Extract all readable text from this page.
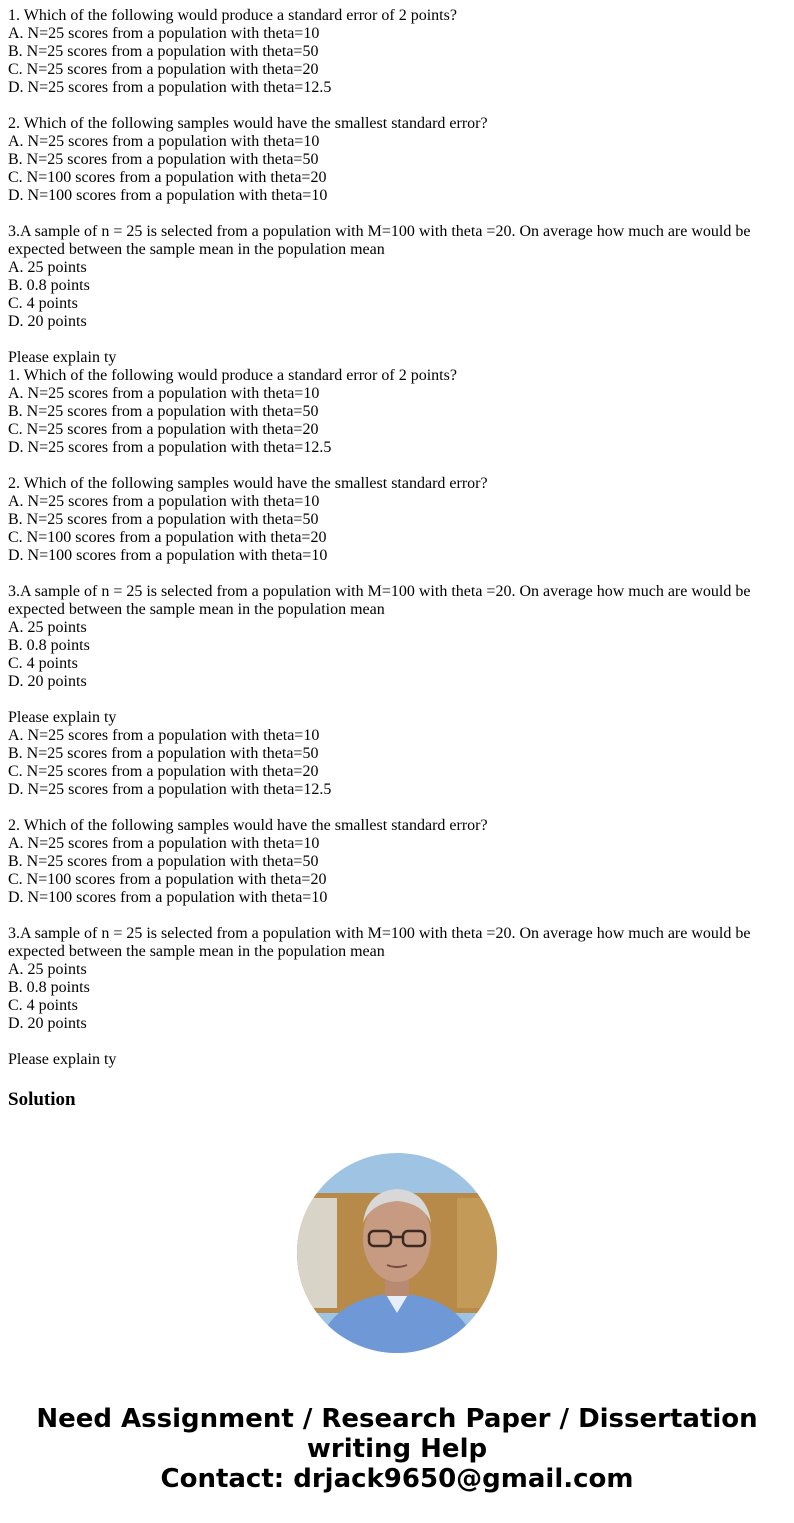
1. Which of the following would produce a standard error of 2 points?
A. N=25 scores from a population with theta=10
B. N=25 scores from a population with theta=50
C. N=25 scores from a population with theta=20
D. N=25 scores from a population with theta=12.5
2. Which of the following samples would have the smallest standard error?
A. N=25 scores from a population with theta=10
B. N=25 scores from a population with theta=50
C. N=100 scores from a population with theta=20
D. N=100 scores from a population with theta=10
3.A sample of n = 25 is selected from a population with M=100 with theta =20. On average how much are would be expected between the sample mean in the population mean
A. 25 points
B. 0.8 points
C. 4 points
D. 20 points
Please explain ty
1. Which of the following would produce a standard error of 2 points?
A. N=25 scores from a population with theta=10
B. N=25 scores from a population with theta=50
C. N=25 scores from a population with theta=20
D. N=25 scores from a population with theta=12.5
2. Which of the following samples would have the smallest standard error?
A. N=25 scores from a population with theta=10
B. N=25 scores from a population with theta=50
C. N=100 scores from a population with theta=20
D. N=100 scores from a population with theta=10
3.A sample of n = 25 is selected from a population with M=100 with theta =20. On average how much are would be expected between the sample mean in the population mean
A. 25 points
B. 0.8 points
C. 4 points
D. 20 points
Please explain ty
A. N=25 scores from a population with theta=10
B. N=25 scores from a population with theta=50
C. N=25 scores from a population with theta=20
D. N=25 scores from a population with theta=12.5
2. Which of the following samples would have the smallest standard error?
A. N=25 scores from a population with theta=10
B. N=25 scores from a population with theta=50
C. N=100 scores from a population with theta=20
D. N=100 scores from a population with theta=10
3.A sample of n = 25 is selected from a population with M=100 with theta =20. On average how much are would be expected between the sample mean in the population mean
A. 25 points
B. 0.8 points
C. 4 points
D. 20 points
Please explain ty
Solution
Need Assignment / Research Paper / Dissertation
writing Help
Contact: drjack9650@gmail.com
